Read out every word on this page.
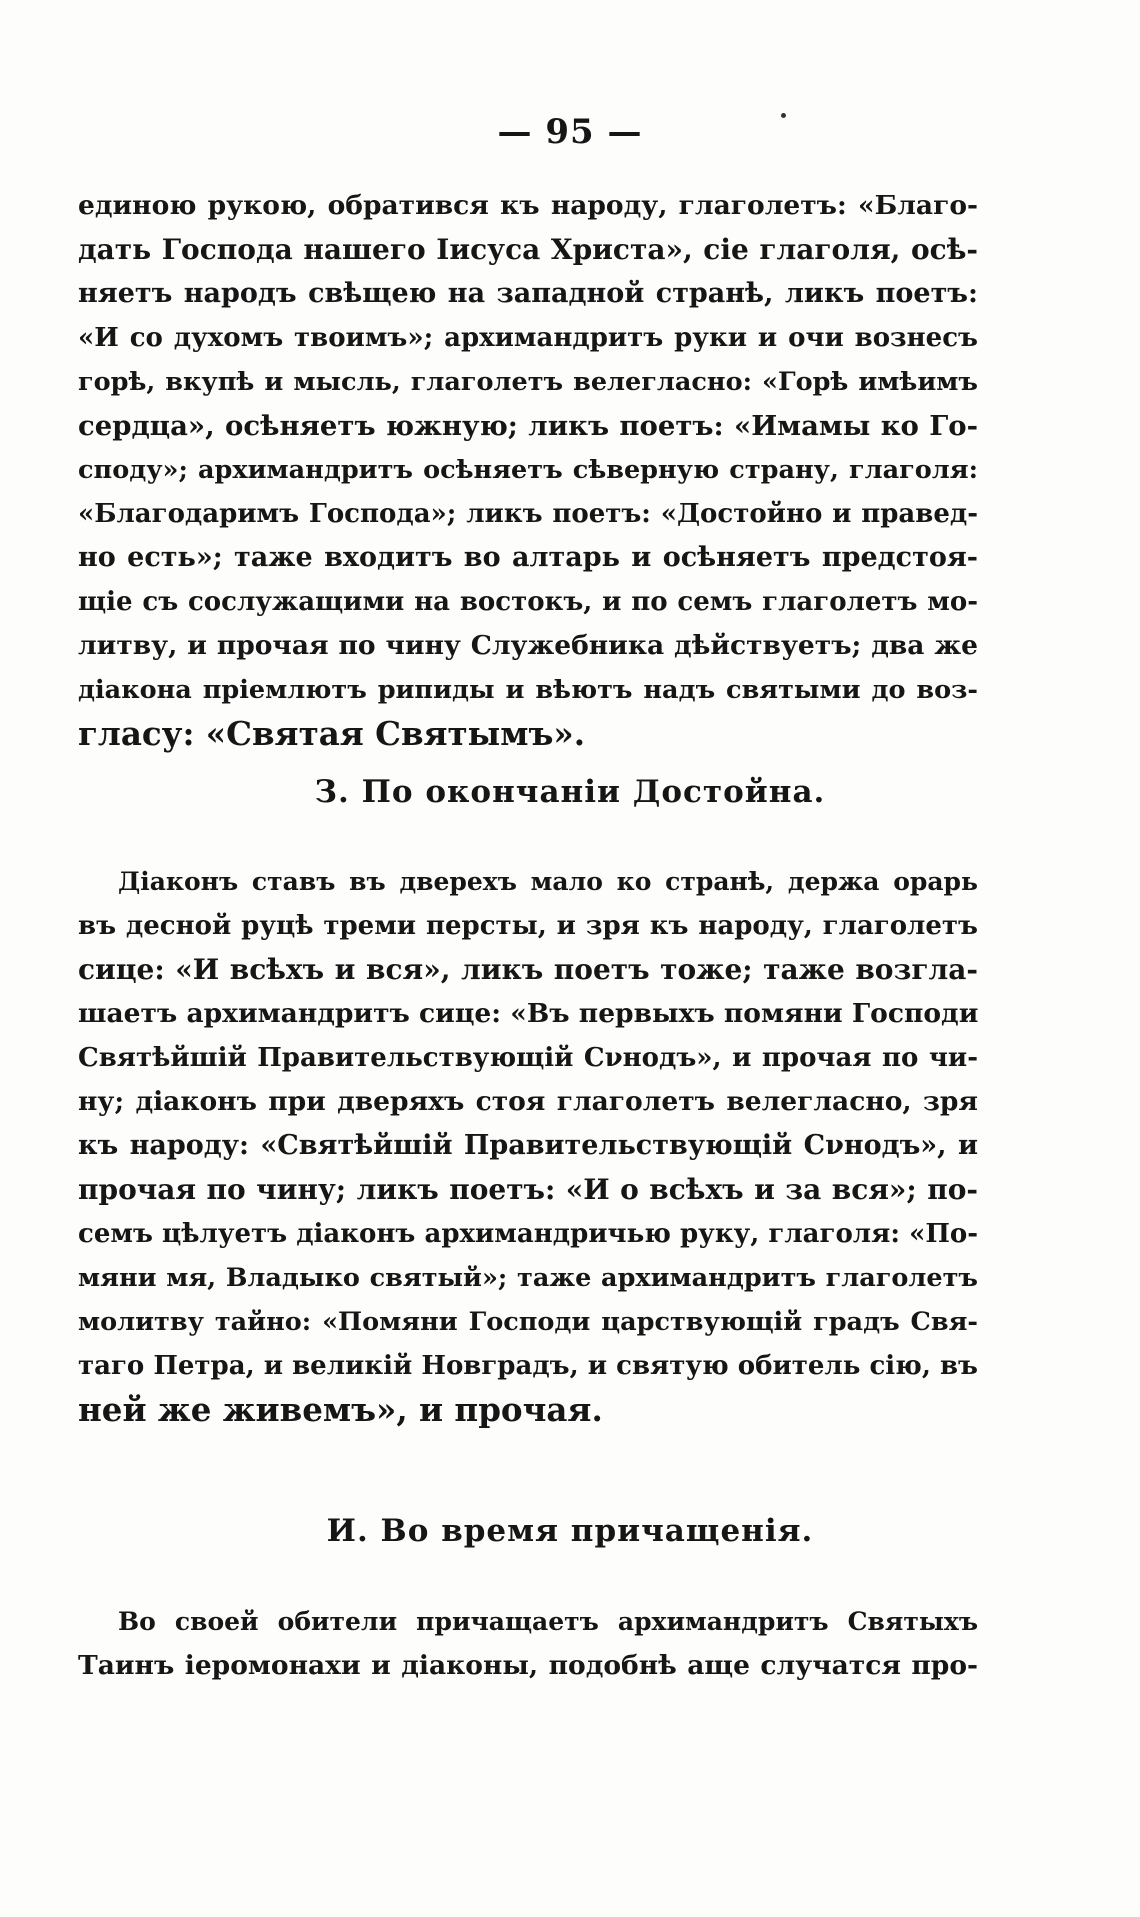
— 95 —
единою рукою, обратився къ народу, глаголетъ: «Благо-
дать Господа нашего Іисуса Христа», сіе глаголя, осѣ-
няетъ народъ свѣщею на западной странѣ, ликъ поетъ:
«И со духомъ твоимъ»; архимандритъ руки и очи вознесъ
горѣ, вкупѣ и мысль, глаголетъ велегласно: «Горѣ имѣимъ
сердца», осѣняетъ южную; ликъ поетъ: «Имамы ко Го-
споду»; архимандритъ осѣняетъ сѣверную страну, глаголя:
«Благодаримъ Господа»; ликъ поетъ: «Достойно и правед-
но есть»; таже входитъ во алтарь и осѣняетъ предстоя-
щіе съ сослужащими на востокъ, и по семъ глаголетъ мо-
литву, и прочая по чину Служебника дѣйствуетъ; два же
діакона пріемлютъ рипиды и вѣютъ надъ святыми до воз-
гласу: «Святая Святымъ».
З. По окончаніи Достойна.
Діаконъ ставъ въ дверехъ мало ко странѣ, держа орарь
въ десной руцѣ треми персты, и зря къ народу, глаголетъ
сице: «И всѣхъ и вся», ликъ поетъ тоже; таже возгла-
шаетъ архимандритъ сице: «Въ первыхъ помяни Господи
Святѣйшій Правительствующій Сνнодъ», и прочая по чи-
ну; діаконъ при дверяхъ стоя глаголетъ велегласно, зря
къ народу: «Святѣйшій Правительствующій Сνнодъ», и
прочая по чину; ликъ поетъ: «И о всѣхъ и за вся»; по-
семъ цѣлуетъ діаконъ архимандричью руку, глаголя: «По-
мяни мя, Владыко святый»; таже архимандритъ глаголетъ
молитву тайно: «Помяни Господи царствующій градъ Свя-
таго Петра, и великій Новградъ, и святую обитель сію, въ
ней же живемъ», и прочая.
И. Во время причащенія.
Во своей обители причащаетъ архимандритъ Святыхъ
Таинъ іеромонахи и діаконы, подобнѣ аще случатся про-
